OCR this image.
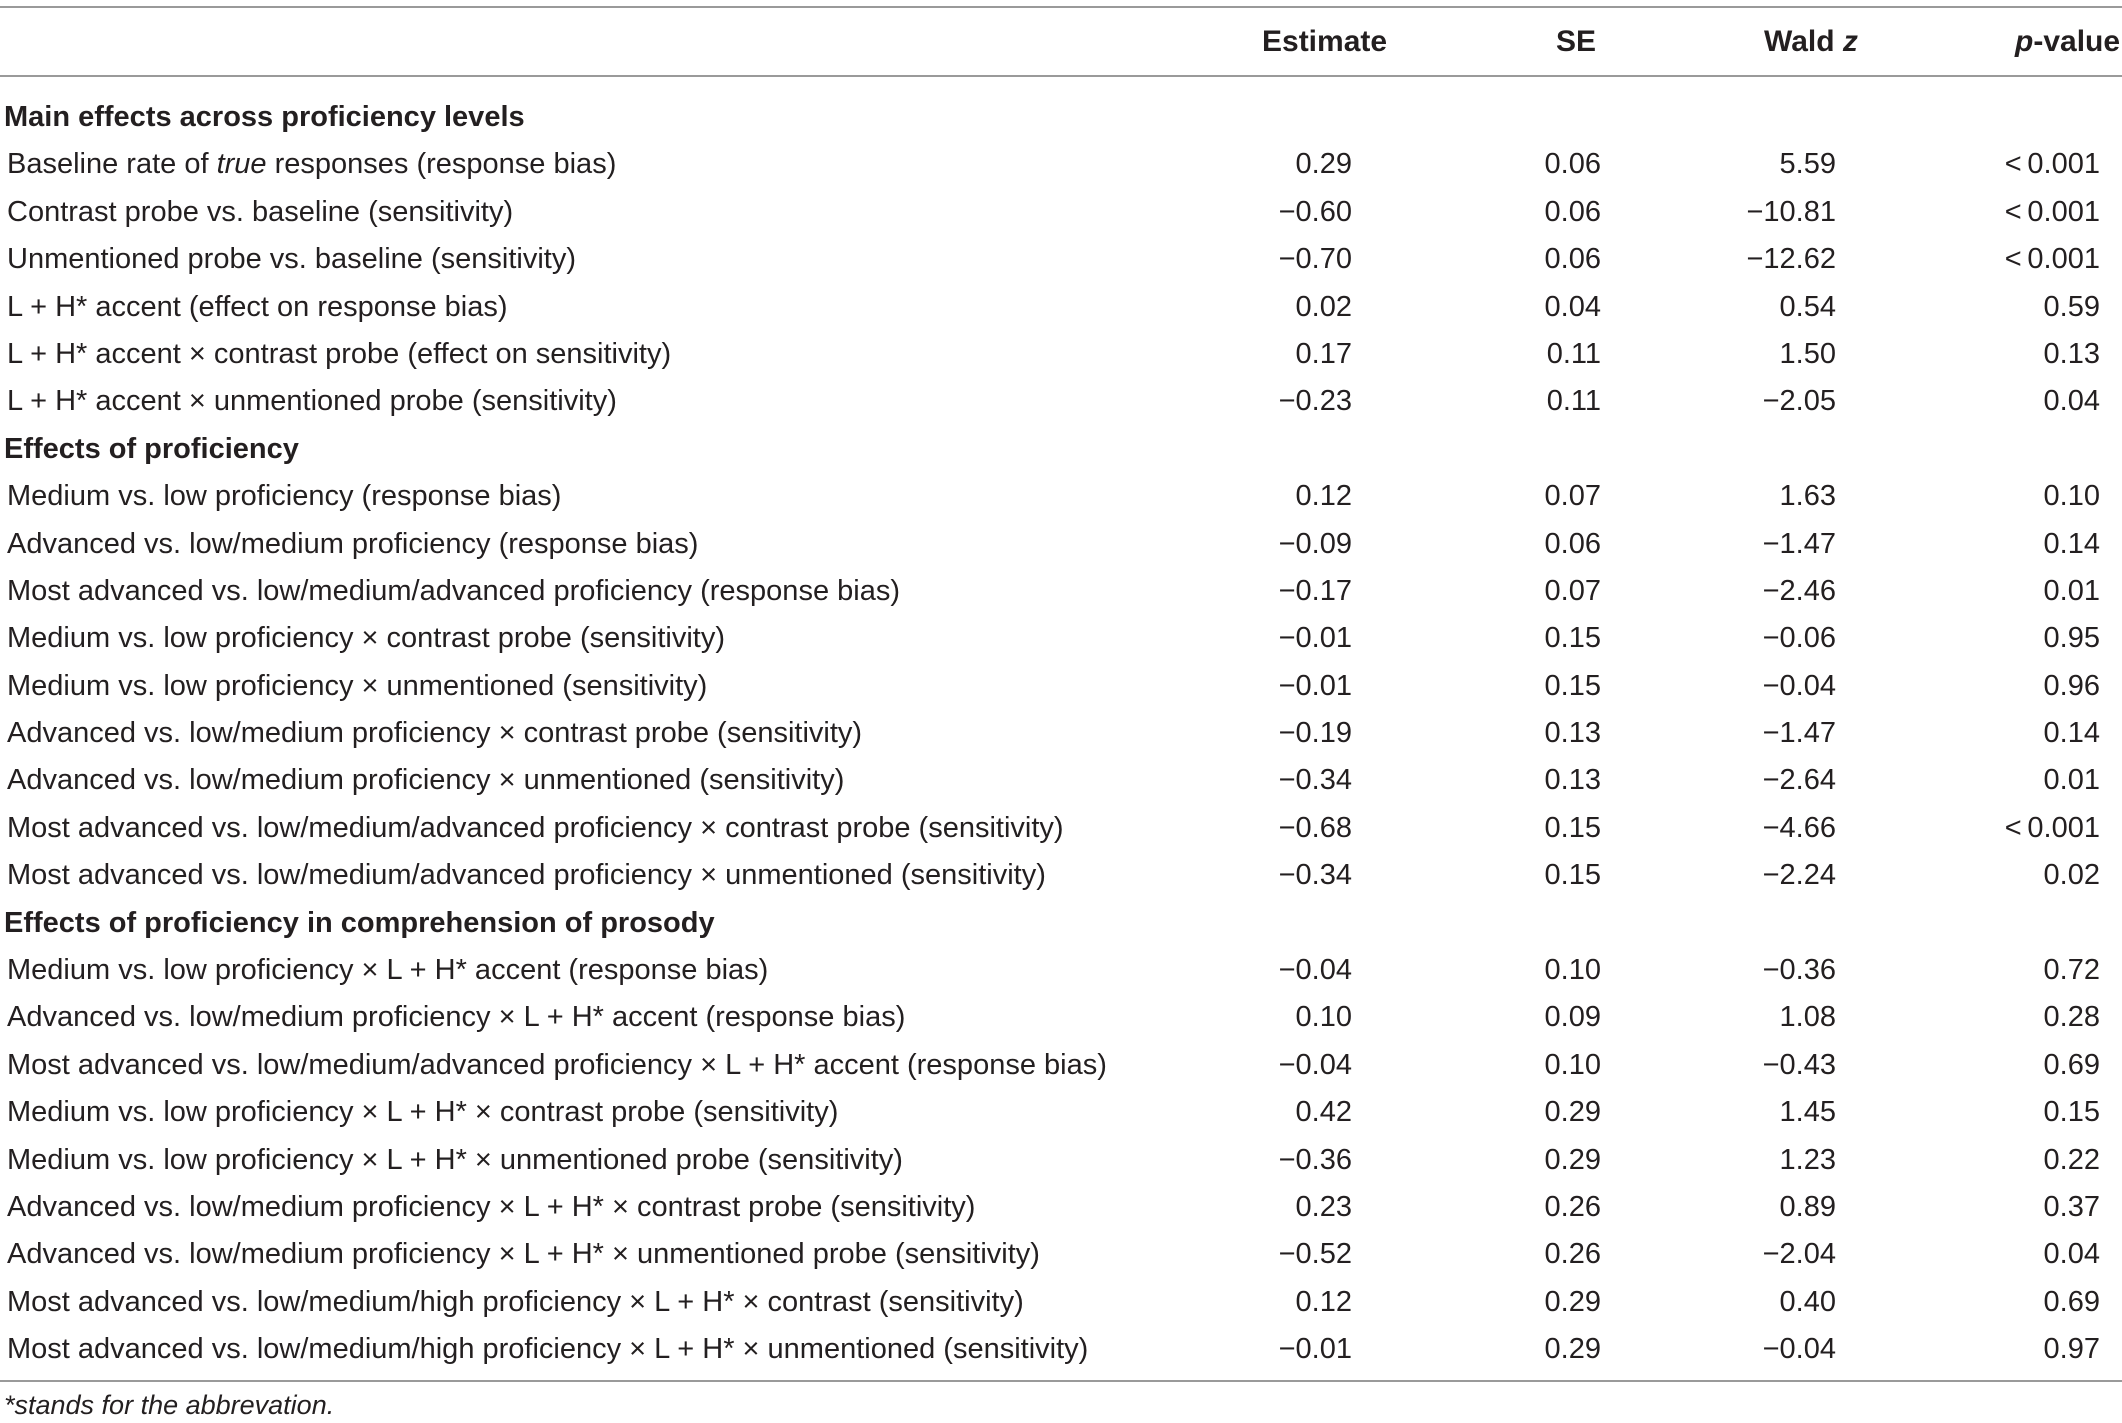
Estimate	SE	Wald z	p-value
Main effects across proficiency levels
Baseline rate of true responses (response bias)	0.29	0.06	5.59	< 0.001
Contrast probe vs. baseline (sensitivity)	−0.60	0.06	−10.81	< 0.001
Unmentioned probe vs. baseline (sensitivity)	−0.70	0.06	−12.62	< 0.001
L + H* accent (effect on response bias)	0.02	0.04	0.54	0.59
L + H* accent × contrast probe (effect on sensitivity)	0.17	0.11	1.50	0.13
L + H* accent × unmentioned probe (sensitivity)	−0.23	0.11	−2.05	0.04
Effects of proficiency
Medium vs. low proficiency (response bias)	0.12	0.07	1.63	0.10
Advanced vs. low/medium proficiency (response bias)	−0.09	0.06	−1.47	0.14
Most advanced vs. low/medium/advanced proficiency (response bias)	−0.17	0.07	−2.46	0.01
Medium vs. low proficiency × contrast probe (sensitivity)	−0.01	0.15	−0.06	0.95
Medium vs. low proficiency × unmentioned (sensitivity)	−0.01	0.15	−0.04	0.96
Advanced vs. low/medium proficiency × contrast probe (sensitivity)	−0.19	0.13	−1.47	0.14
Advanced vs. low/medium proficiency × unmentioned (sensitivity)	−0.34	0.13	−2.64	0.01
Most advanced vs. low/medium/advanced proficiency × contrast probe (sensitivity)	−0.68	0.15	−4.66	< 0.001
Most advanced vs. low/medium/advanced proficiency × unmentioned (sensitivity)	−0.34	0.15	−2.24	0.02
Effects of proficiency in comprehension of prosody
Medium vs. low proficiency × L + H* accent (response bias)	−0.04	0.10	−0.36	0.72
Advanced vs. low/medium proficiency × L + H* accent (response bias)	0.10	0.09	1.08	0.28
Most advanced vs. low/medium/advanced proficiency × L + H* accent (response bias)	−0.04	0.10	−0.43	0.69
Medium vs. low proficiency × L + H* × contrast probe (sensitivity)	0.42	0.29	1.45	0.15
Medium vs. low proficiency × L + H* × unmentioned probe (sensitivity)	−0.36	0.29	1.23	0.22
Advanced vs. low/medium proficiency × L + H* × contrast probe (sensitivity)	0.23	0.26	0.89	0.37
Advanced vs. low/medium proficiency × L + H* × unmentioned probe (sensitivity)	−0.52	0.26	−2.04	0.04
Most advanced vs. low/medium/high proficiency × L + H* × contrast (sensitivity)	0.12	0.29	0.40	0.69
Most advanced vs. low/medium/high proficiency × L + H* × unmentioned (sensitivity)	−0.01	0.29	−0.04	0.97
*stands for the abbrevation.
